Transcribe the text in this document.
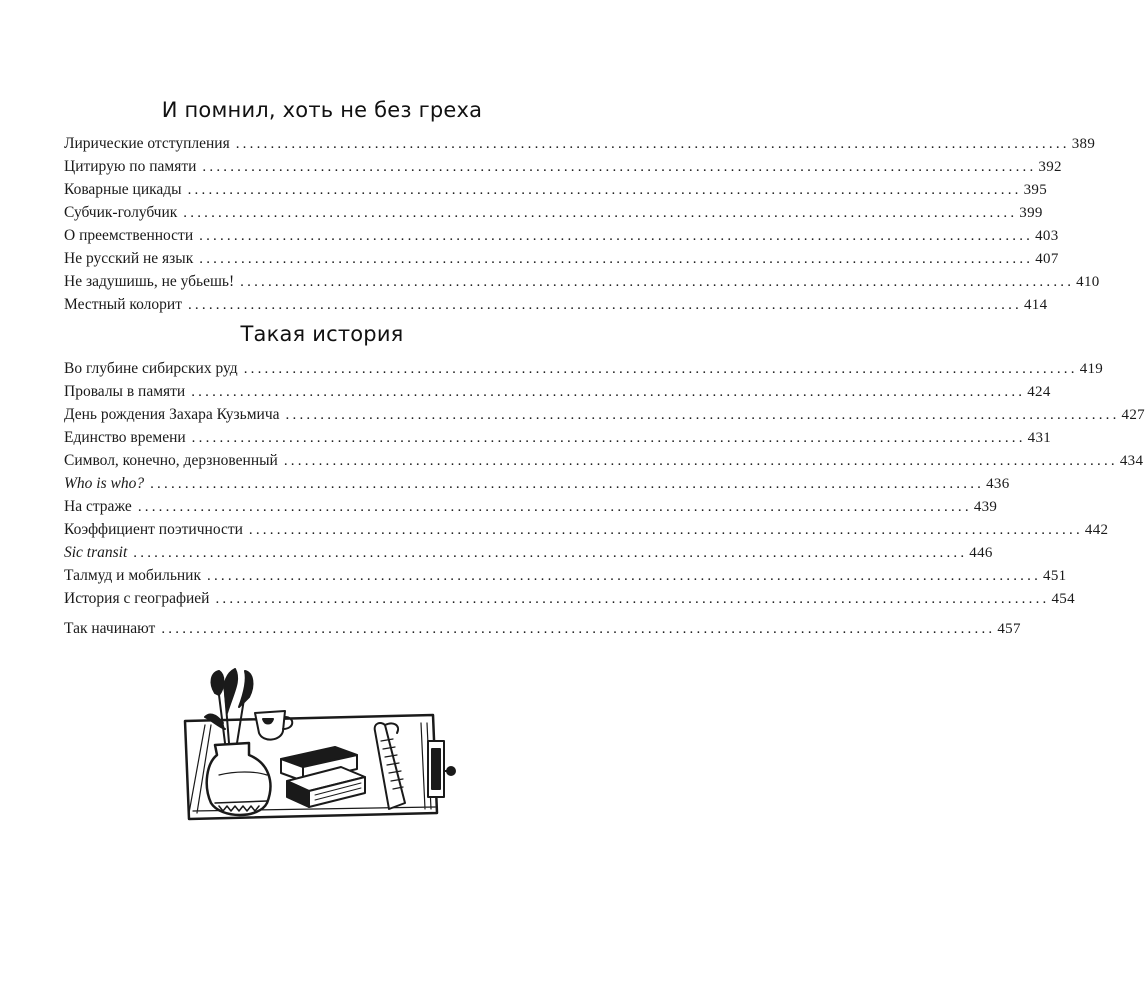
И помнил, хоть не без греха
Лирические отступления ........................................................................................................................ 389
Цитирую по памяти ........................................................................................................................ 392
Коварные цикады ........................................................................................................................ 395
Субчик-голубчик ........................................................................................................................ 399
О преемственности ........................................................................................................................ 403
Не русский не язык ........................................................................................................................ 407
Не задушишь, не убьешь! ........................................................................................................................ 410
Местный колорит ........................................................................................................................ 414
Такая история
Во глубине сибирских руд ........................................................................................................................ 419
Провалы в памяти ........................................................................................................................ 424
День рождения Захара Кузьмича ........................................................................................................................ 427
Единство времени ........................................................................................................................ 431
Символ, конечно, дерзновенный ........................................................................................................................ 434
Who is who? ........................................................................................................................ 436
На страже ........................................................................................................................ 439
Коэффициент поэтичности ........................................................................................................................ 442
Sic transit ........................................................................................................................ 446
Талмуд и мобильник ........................................................................................................................ 451
История с географией ........................................................................................................................ 454
Так начинают ........................................................................................................................ 457
